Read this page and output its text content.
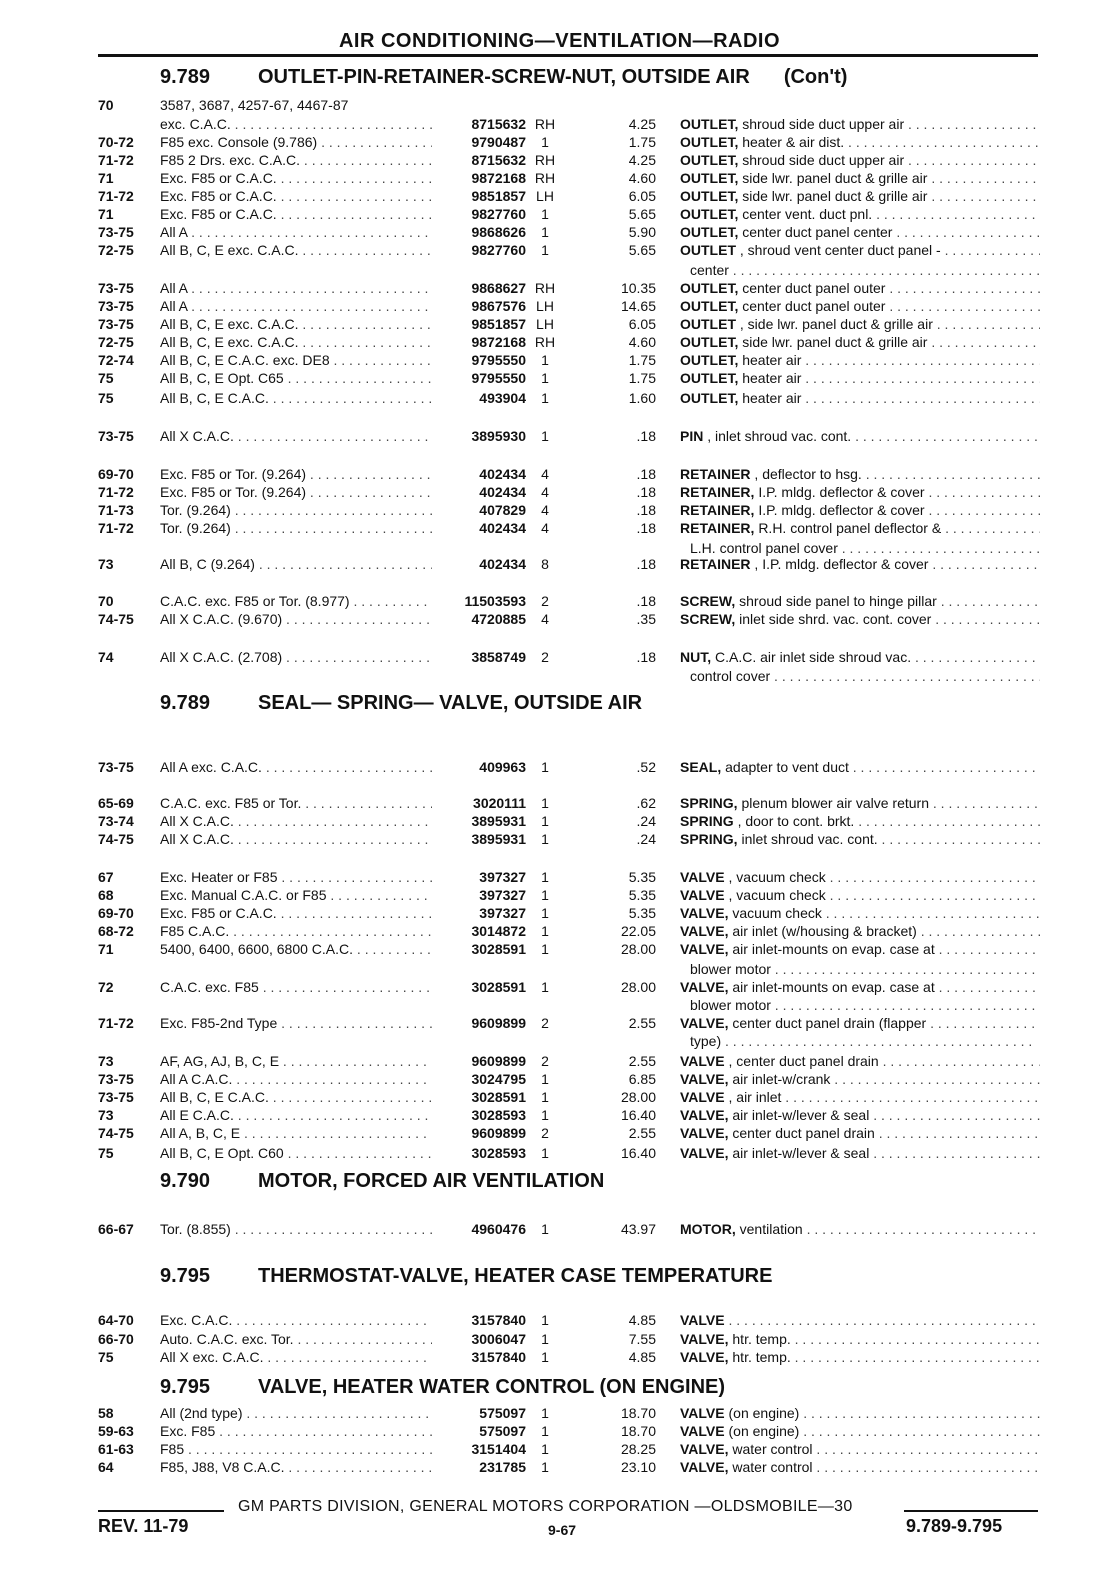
AIR CONDITIONING—VENTILATION—RADIO
9.789 OUTLET-PIN-RETAINER-SCREW-NUT, OUTSIDE AIR (Con't)
9.789 SEAL— SPRING— VALVE, OUTSIDE AIR
9.790 MOTOR, FORCED AIR VENTILATION
9.795 THERMOSTAT-VALVE, HEATER CASE TEMPERATURE
9.795 VALVE, HEATER WATER CONTROL (ON ENGINE)
70	3587, 3687, 4257-67, 4467-87
exc. C.A.C. . . .	8715632 RH	4.25 OUTLET, shroud side duct upper air . . .
70-72	F85 exc. Console (9.786) . . .	9790487	1	1.75 OUTLET, heater & air dist. . . .
71-72	F85 2 Drs. exc. C.A.C. . . .	8715632 RH	4.25 OUTLET, shroud side duct upper air . . .
71	Exc. F85 or C.A.C. . . .	9872168 RH	4.60 OUTLET, side lwr. panel duct & grille air . . .
71-72	Exc. F85 or C.A.C. . . .	9851857 LH	6.05 OUTLET, side lwr. panel duct & grille air . . .
71	Exc. F85 or C.A.C. . . .	9827760	1	5.65 OUTLET, center vent. duct pnl. . . .
73-75	All A . . .	9868626	1	5.90 OUTLET, center duct panel center . . .
72-75	All B, C, E exc. C.A.C. . . .	9827760	1	5.65 OUTLET , shroud vent center duct panel - . . .
center . . .
73-75	All A . . .	9868627 RH	10.35 OUTLET, center duct panel outer . . .
73-75	All A . . .	9867576 LH	14.65 OUTLET, center duct panel outer . . .
73-75	All B, C, E exc. C.A.C. . . .	9851857 LH	6.05 OUTLET , side lwr. panel duct & grille air . . .
72-75	All B, C, E exc. C.A.C. . . .	9872168 RH	4.60 OUTLET, side lwr. panel duct & grille air . . .
72-74	All B, C, E C.A.C. exc. DE8 . . .	9795550	1	1.75 OUTLET, heater air . . .
75	All B, C, E Opt. C65 . . .	9795550	1	1.75 OUTLET, heater air . . .
75	All B, C, E C.A.C. . . .	493904	1	1.60 OUTLET, heater air . . .
73-75	All X C.A.C. . . .	3895930	1	.18 PIN , inlet shroud vac. cont. . . .
69-70	Exc. F85 or Tor. (9.264) . . .	402434	4	.18 RETAINER , deflector to hsg. . . .
71-72	Exc. F85 or Tor. (9.264) . . .	402434	4	.18 RETAINER, I.P. mldg. deflector & cover . . .
71-73	Tor. (9.264) . . .	407829	4	.18 RETAINER, I.P. mldg. deflector & cover . . .
71-72	Tor. (9.264) . . .	402434	4	.18 RETAINER, R.H. control panel deflector & . . .
L.H. control panel cover . . .
73	All B, C (9.264) . . .	402434	8	.18 RETAINER , I.P. mldg. deflector & cover . . .
70	C.A.C. exc. F85 or Tor. (8.977) . . .	11503593	2	.18 SCREW, shroud side panel to hinge pillar . . .
74-75	All X C.A.C. (9.670) . . .	4720885	4	.35 SCREW, inlet side shrd. vac. cont. cover . . .
74	All X C.A.C. (2.708) . . .	3858749	2	.18 NUT, C.A.C. air inlet side shroud vac. . . .
control cover . . .
73-75	All A exc. C.A.C. . . .	409963	1	.52 SEAL, adapter to vent duct . . .
65-69	C.A.C. exc. F85 or Tor. . . .	3020111	1	.62 SPRING, plenum blower air valve return . . .
73-74	All X C.A.C. . . .	3895931	1	.24 SPRING , door to cont. brkt. . . .
74-75	All X C.A.C. . . .	3895931	1	.24 SPRING, inlet shroud vac. cont. . . .
67	Exc. Heater or F85 . . .	397327	1	5.35 VALVE , vacuum check . . .
68	Exc. Manual C.A.C. or F85 . . .	397327	1	5.35 VALVE , vacuum check . . .
69-70	Exc. F85 or C.A.C. . . .	397327	1	5.35 VALVE, vacuum check . . .
68-72	F85 C.A.C. . . .	3014872	1	22.05 VALVE, air inlet (w/housing & bracket) . . .
71	5400, 6400, 6600, 6800 C.A.C. . . .	3028591	1	28.00 VALVE, air inlet-mounts on evap. case at . . .
blower motor . . .
72	C.A.C. exc. F85 . . .	3028591	1	28.00 VALVE, air inlet-mounts on evap. case at . . .
blower motor . . .
71-72	Exc. F85-2nd Type . . .	9609899	2	2.55 VALVE, center duct panel drain (flapper . . .
type) . . .
73	AF, AG, AJ, B, C, E . . .	9609899	2	2.55 VALVE , center duct panel drain . . .
73-75	All A C.A.C. . . .	3024795	1	6.85 VALVE, air inlet-w/crank . . .
73-75	All B, C, E C.A.C. . . .	3028591	1	28.00 VALVE , air inlet . . .
73	All E C.A.C. . . .	3028593	1	16.40 VALVE, air inlet-w/lever & seal . . .
74-75	All A, B, C, E . . .	9609899	2	2.55 VALVE, center duct panel drain . . .
75	All B, C, E Opt. C60 . . .	3028593	1	16.40 VALVE, air inlet-w/lever & seal . . .
66-67	Tor. (8.855) . . .	4960476	1	43.97 MOTOR, ventilation . . .
64-70	Exc. C.A.C. . . .	3157840	1	4.85 VALVE . . .
66-70	Auto. C.A.C. exc. Tor. . . .	3006047	1	7.55 VALVE, htr. temp. . . .
75	All X exc. C.A.C. . . .	3157840	1	4.85 VALVE, htr. temp. . . .
58	All (2nd type) . . .	575097	1	18.70 VALVE (on engine) . . .
59-63	Exc. F85 . . .	575097	1	18.70 VALVE (on engine) . . .
61-63	F85 . . .	3151404	1	28.25 VALVE, water control . . .
64	F85, J88, V8 C.A.C. . . .	231785	1	23.10 VALVE, water control . . .
GM PARTS DIVISION, GENERAL MOTORS CORPORATION —OLDSMOBILE—30
REV. 11-79	9-67	9.789-9.795
